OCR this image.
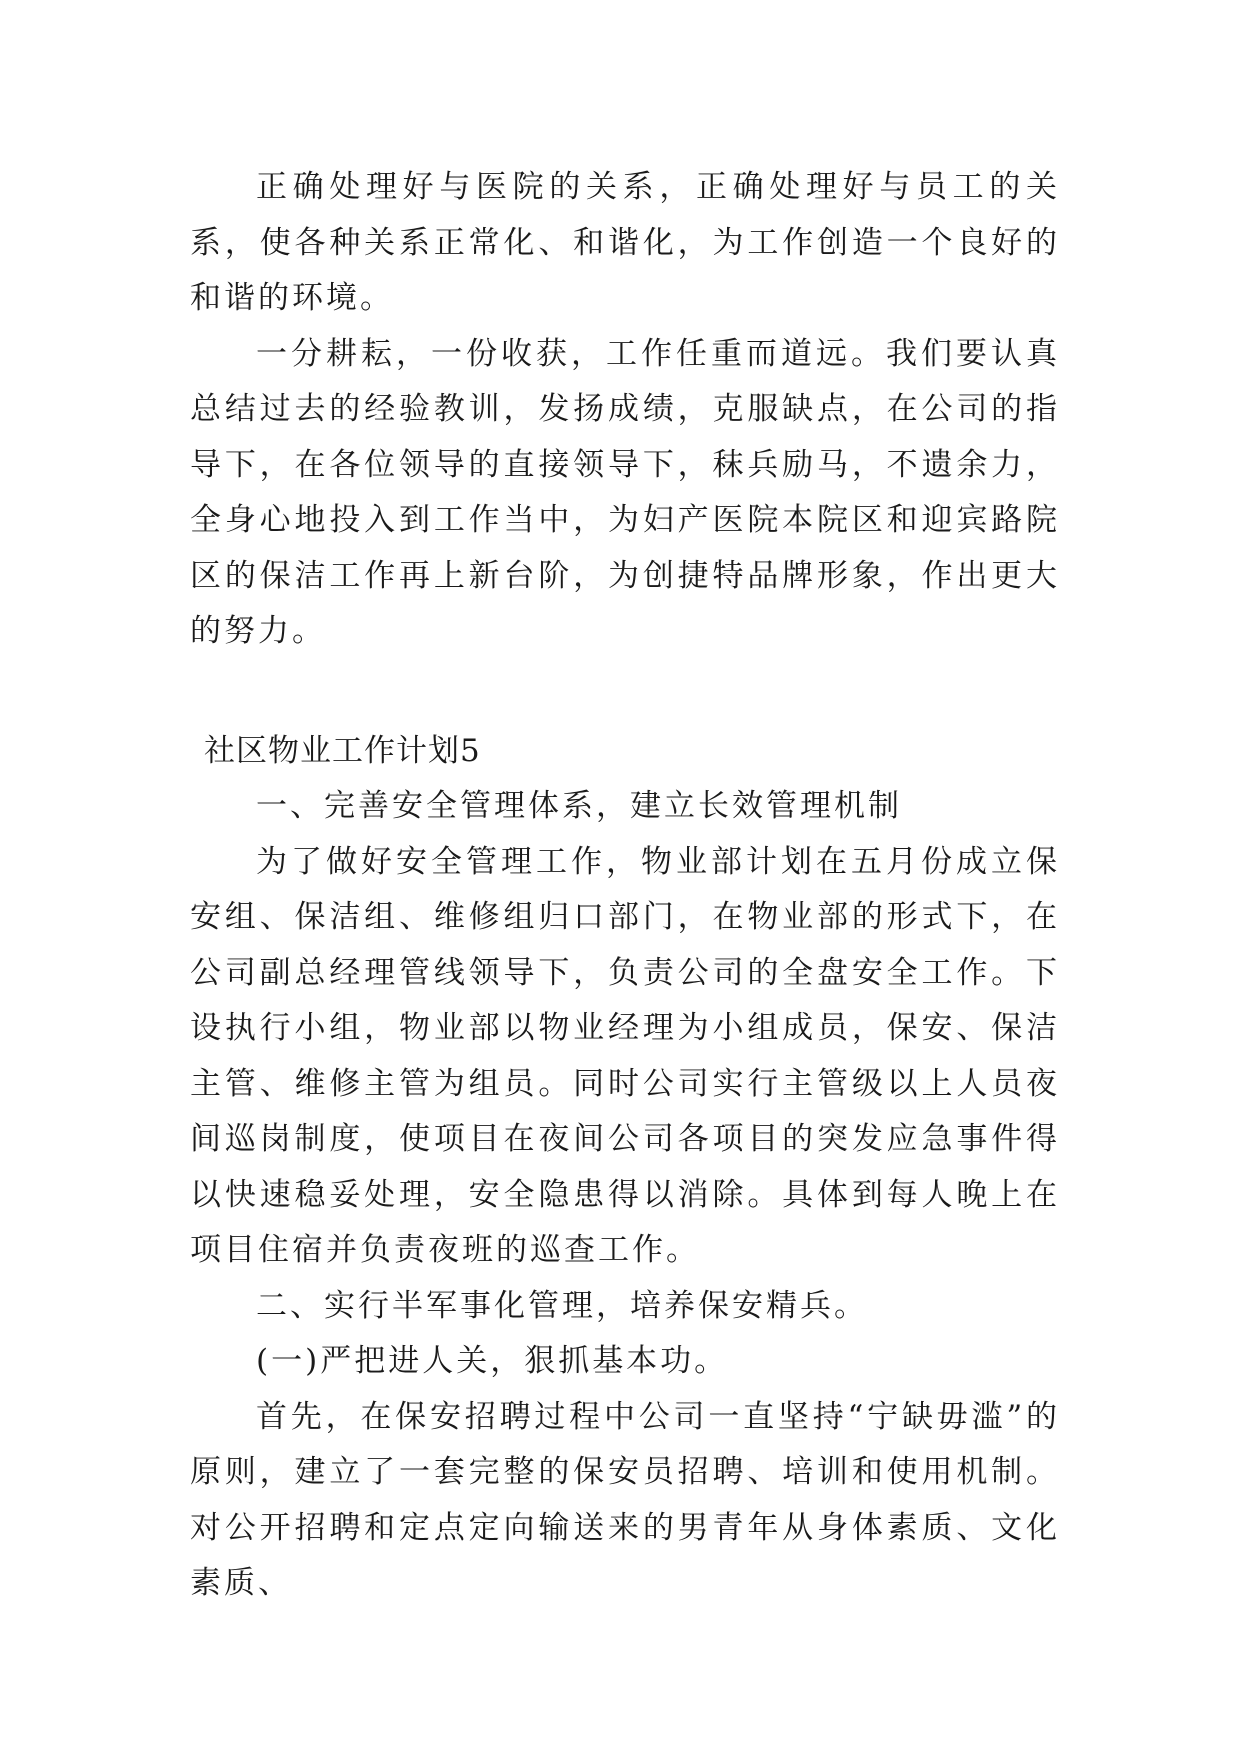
正确处理好与医院的关系，正确处理好与员工的关系，使各种关系正常化、和谐化，为工作创造一个良好的和谐的环境。

一分耕耘，一份收获，工作任重而道远。我们要认真总结过去的经验教训，发扬成绩，克服缺点，在公司的指导下，在各位领导的直接领导下，秣兵励马，不遗余力，全身心地投入到工作当中，为妇产医院本院区和迎宾路院区的保洁工作再上新台阶，为创捷特品牌形象，作出更大的努力。

社区物业工作计划5

一、完善安全管理体系，建立长效管理机制

为了做好安全管理工作，物业部计划在五月份成立保安组、保洁组、维修组归口部门，在物业部的形式下，在公司副总经理管线领导下，负责公司的全盘安全工作。下设执行小组，物业部以物业经理为小组成员，保安、保洁主管、维修主管为组员。同时公司实行主管级以上人员夜间巡岗制度，使项目在夜间公司各项目的突发应急事件得以快速稳妥处理，安全隐患得以消除。具体到每人晚上在项目住宿并负责夜班的巡查工作。

二、实行半军事化管理，培养保安精兵。

(一)严把进人关，狠抓基本功。

首先，在保安招聘过程中公司一直坚持“宁缺毋滥”的原则，建立了一套完整的保安员招聘、培训和使用机制。对公开招聘和定点定向输送来的男青年从身体素质、文化素质、
